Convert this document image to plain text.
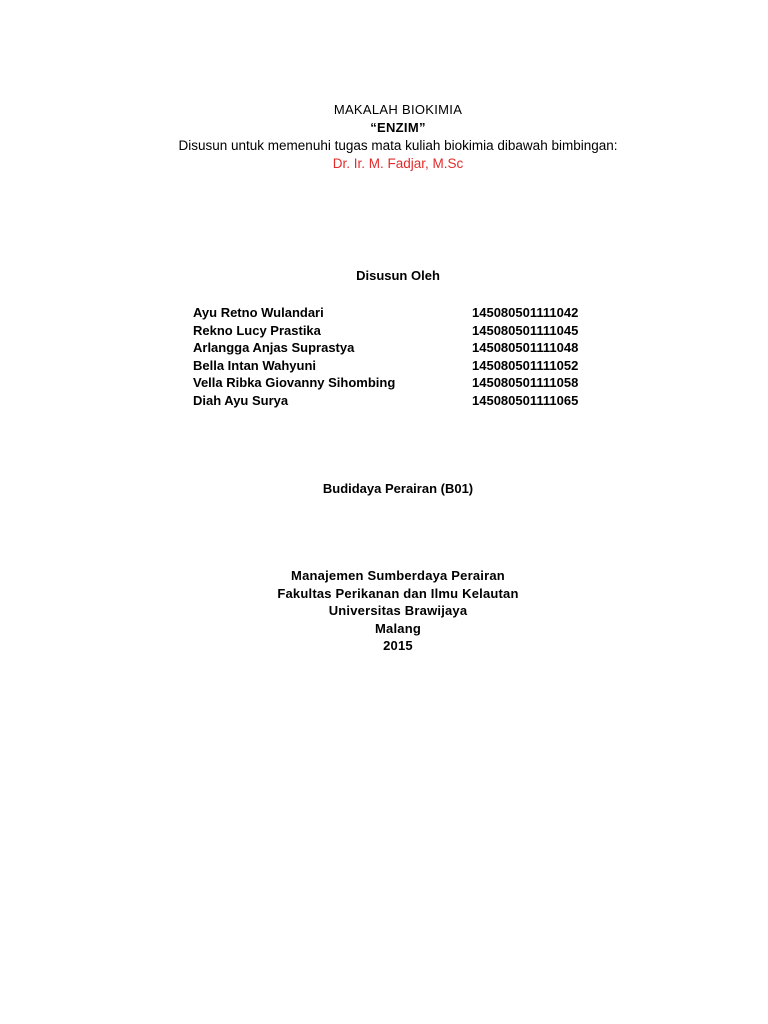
MAKALAH BIOKIMIA
“ENZIM”
Disusun untuk memenuhi tugas mata kuliah biokimia dibawah bimbingan:
Dr. Ir. M. Fadjar, M.Sc
Disusun Oleh
Ayu Retno Wulandari	145080501111042
Rekno Lucy Prastika	145080501111045
Arlangga Anjas Suprastya	145080501111048
Bella Intan Wahyuni	145080501111052
Vella Ribka Giovanny Sihombing	145080501111058
Diah Ayu Surya	145080501111065
Budidaya Perairan (B01)
Manajemen Sumberdaya Perairan
Fakultas Perikanan dan Ilmu Kelautan
Universitas Brawijaya
Malang
2015
